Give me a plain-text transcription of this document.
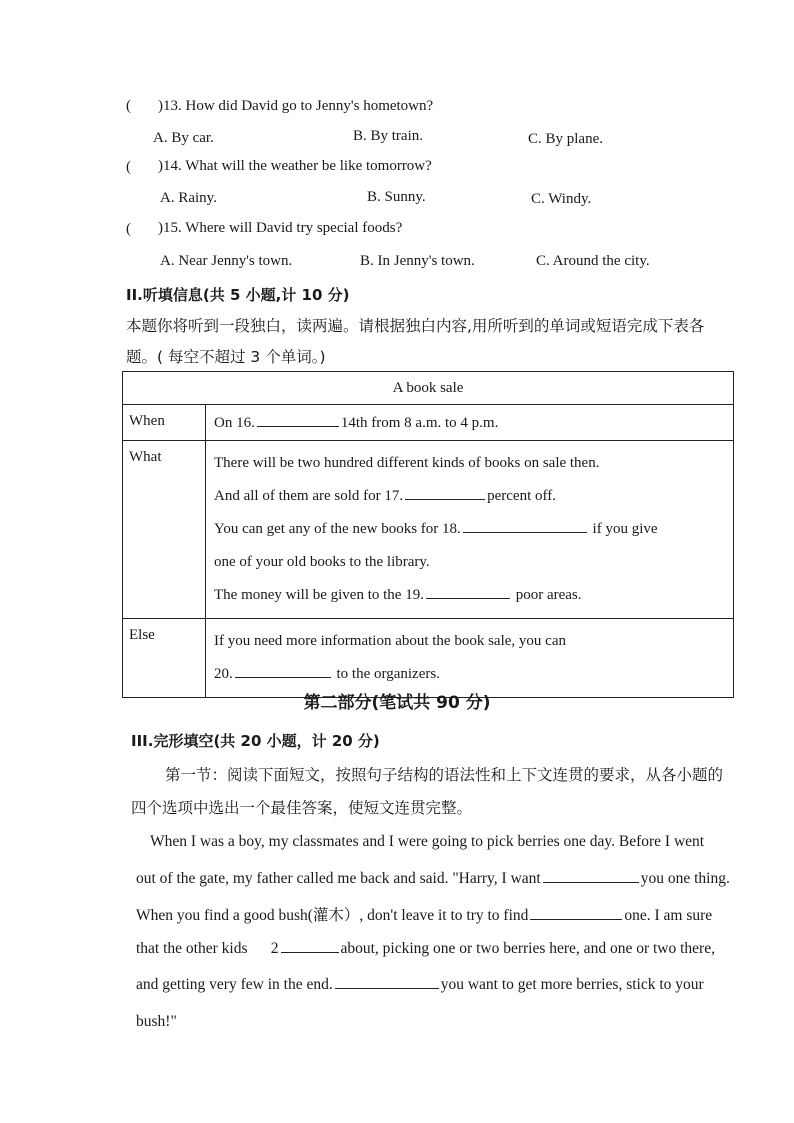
( )13. How did David go to Jenny's hometown?
A. By car.	B. By train.	C. By plane.
( )14. What will the weather be like tomorrow?
A. Rainy.	B. Sunny.	C. Windy.
( )15. Where will David try special foods?
A. Near Jenny's town.	B. In Jenny's town.	C. Around the city.
II.听填信息(共 5 小题,计 10 分)
本题你将听到一段独白，读两遍。请根据独白内容,用所听到的单词或短语完成下表各
题。( 每空不超过 3 个单词。)
A book sale
When	On 16.	14th from 8 a.m. to 4 p.m.
What	There will be two hundred different kinds of books on sale then.
And all of them are sold for 17.	percent off.
You can get any of the new books for 18.	if you give
one of your old books to the library.
The money will be given to the 19.	poor areas.
Else	If you need more information about the book sale, you can
20.	to the organizers.
第二部分(笔试共 90 分)
III.完形填空(共 20 小题，计 20 分)
第一节：阅读下面短文，按照句子结构的语法性和上下文连贯的要求，从各小题的
四个选项中选出一个最佳答案，使短文连贯完整。
When I was a boy, my classmates and I were going to pick berries one day. Before I went
out of the gate, my father called me back and said. "Harry, I want	you one thing.
When you find a good bush(灌木）, don't leave it to try to find	one. I am sure
that the other kids 2	about, picking one or two berries here, and one or two there,
and getting very few in the end.	you want to get more berries, stick to your
bush!"
